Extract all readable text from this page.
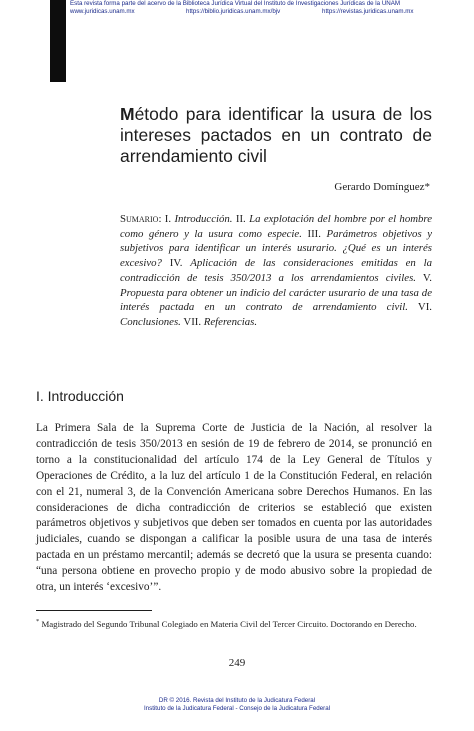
Esta revista forma parte del acervo de la Biblioteca Jurídica Virtual del Instituto de Investigaciones Jurídicas de la UNAM
www.juridicas.unam.mx	https://biblio.juridicas.unam.mx/bjv	https://revistas.juridicas.unam.mx
Método para identificar la usura de los
intereses pactados en un contrato de
arrendamiento civil
Gerardo Domínguez*
Sumario: I. Introducción. II. La explotación del hombre por el hombre como género y la usura como especie. III. Parámetros objetivos y subjetivos para identificar un interés usurario. ¿Qué es un interés excesivo? IV. Aplicación de las consideraciones emitidas en la contradicción de tesis 350/2013 a los arrendamientos civiles. V. Propuesta para obtener un indicio del carácter usurario de una tasa de interés pactada en un contrato de arrendamiento civil. VI. Conclusiones. VII. Referencias.
I. Introducción

La Primera Sala de la Suprema Corte de Justicia de la Nación, al resolver la contradicción de tesis 350/2013 en sesión de 19 de febrero de 2014, se pronunció en torno a la constitucionalidad del artículo 174 de la Ley General de Títulos y Operaciones de Crédito, a la luz del artículo 1 de la Constitución Federal, en relación con el 21, numeral 3, de la Convención Americana sobre Derechos Humanos. En las consideraciones de dicha contradicción de criterios se estableció que existen parámetros objetivos y subjetivos que deben ser tomados en cuenta por las autoridades judiciales, cuando se dispongan a calificar la posible usura de una tasa de interés pactada en un préstamo mercantil; además se decretó que la usura se presenta cuando: “una persona obtiene en provecho propio y de modo abusivo sobre la propiedad de otra, un interés ‘excesivo’”.

* Magistrado del Segundo Tribunal Colegiado en Materia Civil del Tercer Circuito. Doctorando en Derecho.
249
DR © 2016. Revista del Instituto de la Judicatura Federal
Instituto de la Judicatura Federal - Consejo de la Judicatura Federal
